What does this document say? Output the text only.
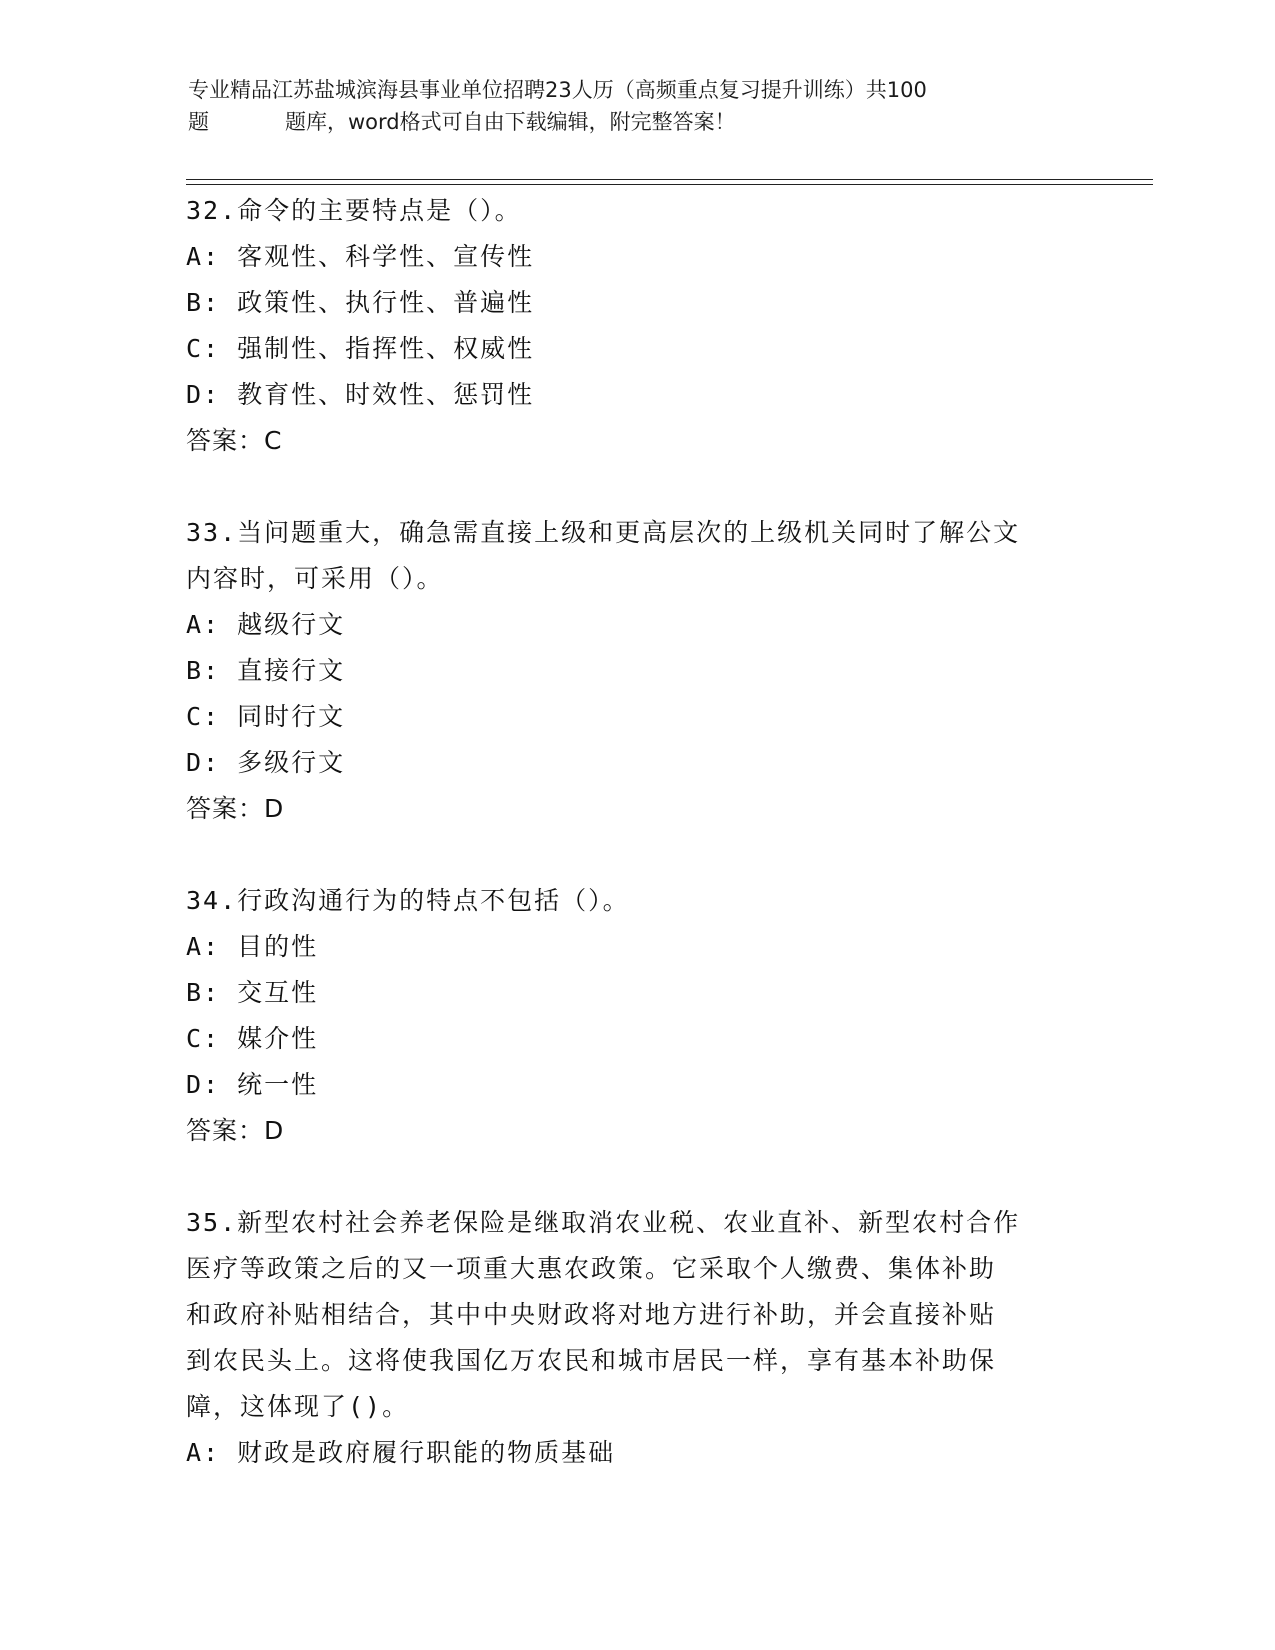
专业精品江苏盐城滨海县事业单位招聘23人历（高频重点复习提升训练）共100
题	题库，word格式可自由下载编辑，附完整答案！
32.命令的主要特点是（）。
A: 客观性、科学性、宣传性
B: 政策性、执行性、普遍性
C: 强制性、指挥性、权威性
D: 教育性、时效性、惩罚性
答案：C
33.当问题重大，确急需直接上级和更高层次的上级机关同时了解公文
内容时，可采用（）。
A: 越级行文
B: 直接行文
C: 同时行文
D: 多级行文
答案：D
34.行政沟通行为的特点不包括（）。
A: 目的性
B: 交互性
C: 媒介性
D: 统一性
答案：D
35.新型农村社会养老保险是继取消农业税、农业直补、新型农村合作
医疗等政策之后的又一项重大惠农政策。它采取个人缴费、集体补助
和政府补贴相结合，其中中央财政将对地方进行补助，并会直接补贴
到农民头上。这将使我国亿万农民和城市居民一样，享有基本补助保
障，这体现了()。
A: 财政是政府履行职能的物质基础
